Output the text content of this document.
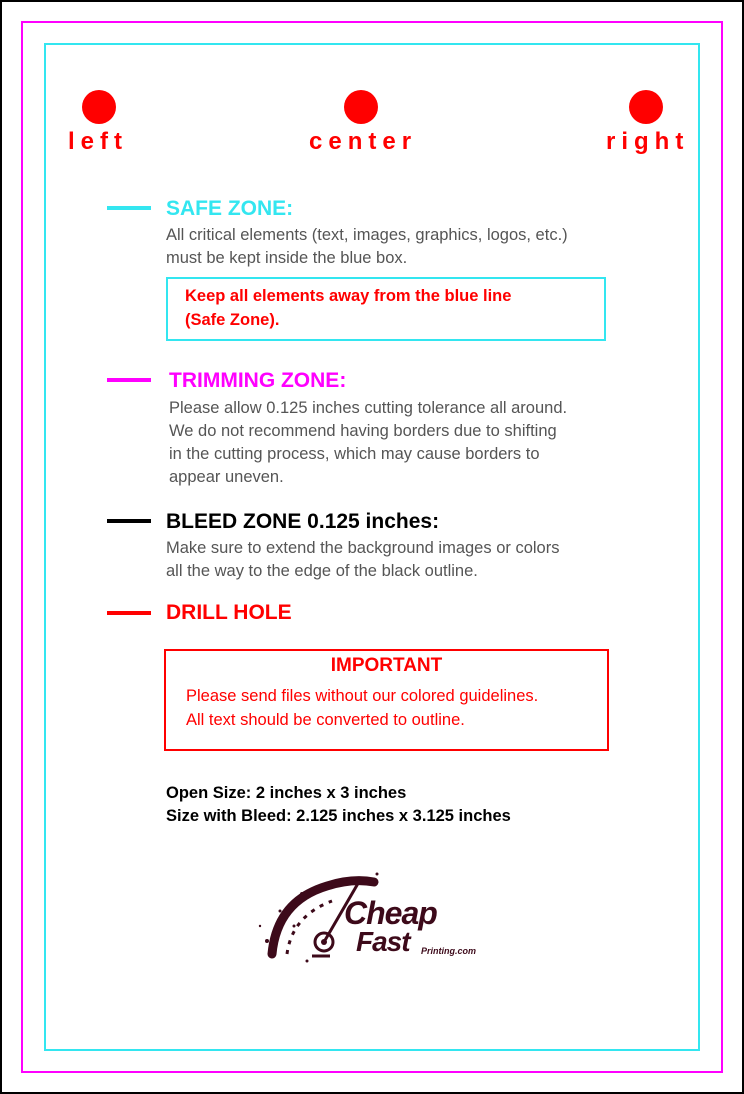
left	center	right
SAFE ZONE:
All critical elements (text, images, graphics, logos, etc.)
must be kept inside the blue box.
Keep all elements away from the blue line
(Safe Zone).
TRIMMING ZONE:
Please allow 0.125 inches cutting tolerance all around.
We do not recommend having borders due to shifting
in the cutting process, which may cause borders to
appear uneven.
BLEED ZONE 0.125 inches:
Make sure to extend the background images or colors
all the way to the edge of the black outline.
DRILL HOLE
IMPORTANT
Please send files without our colored guidelines.
All text should be converted to outline.
Open Size: 2 inches x 3 inches
Size with Bleed: 2.125 inches x 3.125 inches
Cheap
Fast Printing.com
